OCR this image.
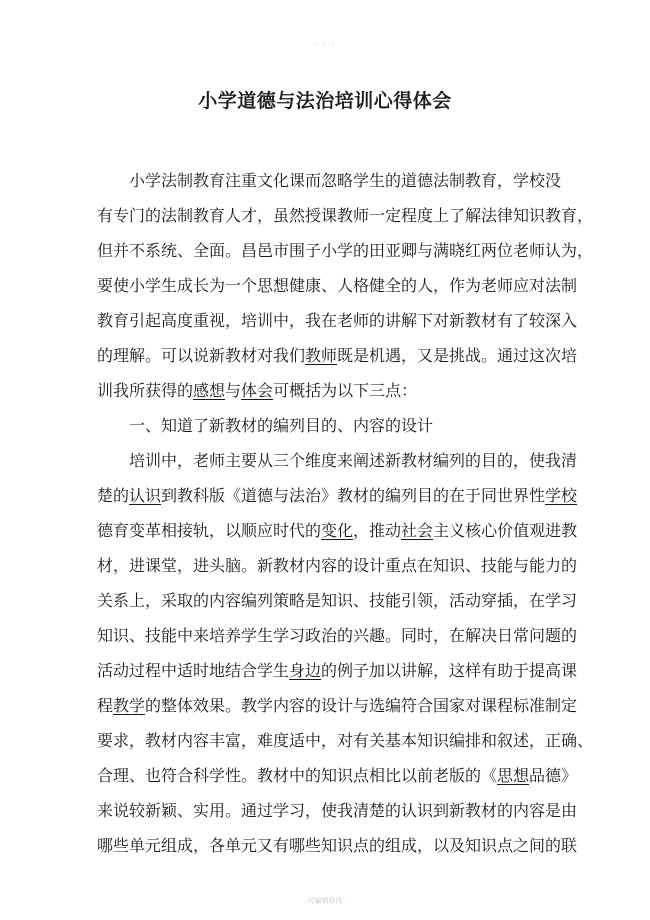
· · ·
小学道德与法治培训心得体会
小学法制教育注重文化课而忽略学生的道德法制教育，学校没
有专门的法制教育人才，虽然授课教师一定程度上了解法律知识教育，
但并不系统、全面。昌邑市围子小学的田亚卿与满晓红两位老师认为，
要使小学生成长为一个思想健康、人格健全的人，作为老师应对法制
教育引起高度重视，培训中，我在老师的讲解下对新教材有了较深入
的理解。可以说新教材对我们教师既是机遇，又是挑战。通过这次培
训我所获得的感想与体会可概括为以下三点：
一、知道了新教材的编列目的、内容的设计
培训中，老师主要从三个维度来阐述新教材编列的目的，使我清
楚的认识到教科版《道德与法治》教材的编列目的在于同世界性学校
德育变革相接轨，以顺应时代的变化，推动社会主义核心价值观进教
材，进课堂，进头脑。新教材内容的设计重点在知识、技能与能力的
关系上，采取的内容编列策略是知识、技能引领，活动穿插，在学习
知识、技能中来培养学生学习政治的兴趣。同时，在解决日常问题的
活动过程中适时地结合学生身边的例子加以讲解，这样有助于提高课
程教学的整体效果。教学内容的设计与选编符合国家对课程标准制定
要求，教材内容丰富，难度适中，对有关基本知识编排和叙述，正确、
合理、也符合科学性。教材中的知识点相比以前老版的《思想品德》
来说较新颖、实用。通过学习，使我清楚的认识到新教材的内容是由
哪些单元组成，各单元又有哪些知识点的组成，以及知识点之间的联
..可编辑修改..
